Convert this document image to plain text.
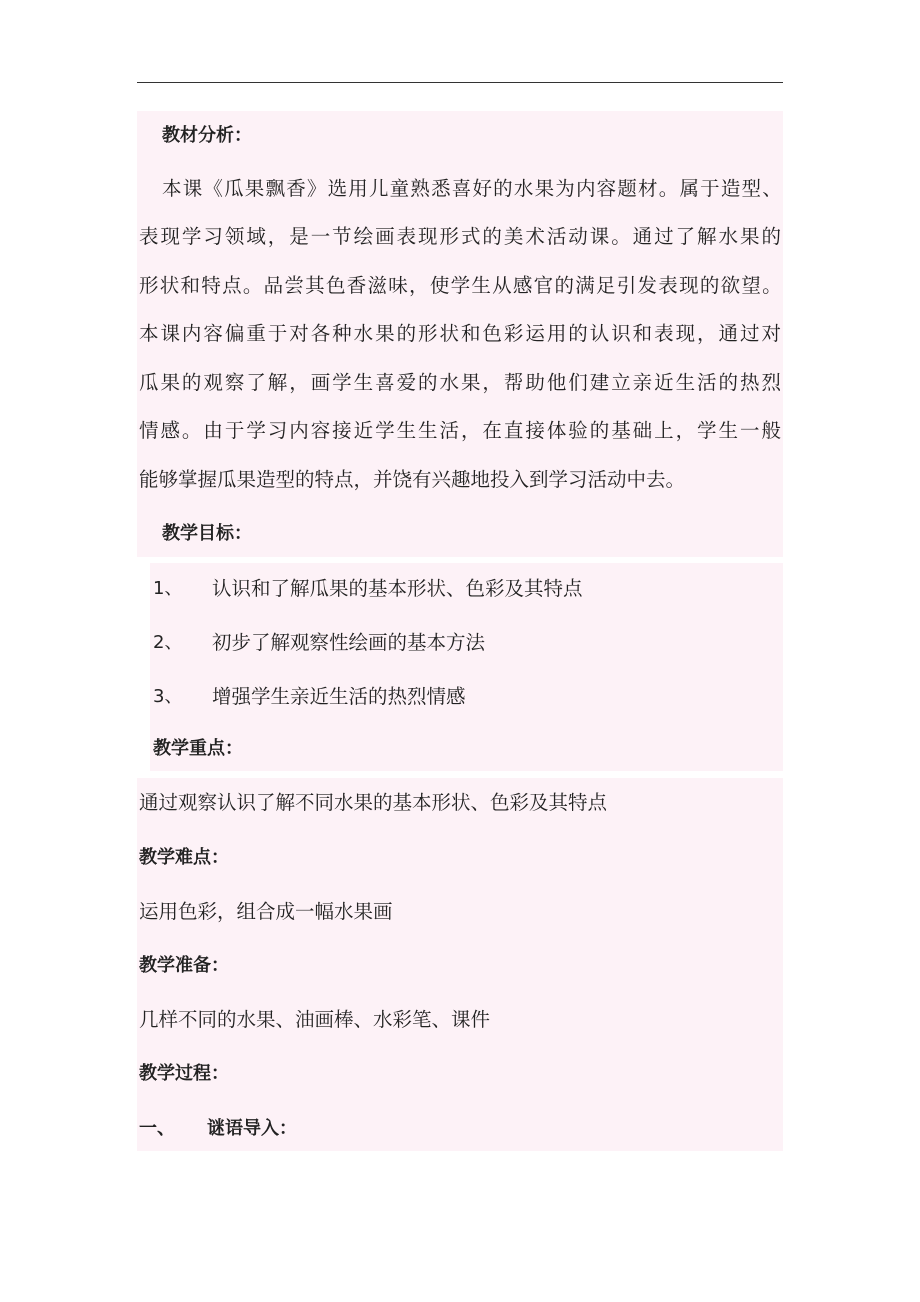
教材分析：
本课《瓜果飘香》选用儿童熟悉喜好的水果为内容题材。属于造型、
表现学习领域，是一节绘画表现形式的美术活动课。通过了解水果的
形状和特点。品尝其色香滋味，使学生从感官的满足引发表现的欲望。
本课内容偏重于对各种水果的形状和色彩运用的认识和表现，通过对
瓜果的观察了解，画学生喜爱的水果，帮助他们建立亲近生活的热烈
情感。由于学习内容接近学生生活，在直接体验的基础上，学生一般
能够掌握瓜果造型的特点，并饶有兴趣地投入到学习活动中去。
教学目标：
1、 认识和了解瓜果的基本形状、色彩及其特点
2、 初步了解观察性绘画的基本方法
3、 增强学生亲近生活的热烈情感
教学重点：
通过观察认识了解不同水果的基本形状、色彩及其特点
教学难点：
运用色彩，组合成一幅水果画
教学准备：
几样不同的水果、油画棒、水彩笔、课件
教学过程：
一、 谜语导入：
